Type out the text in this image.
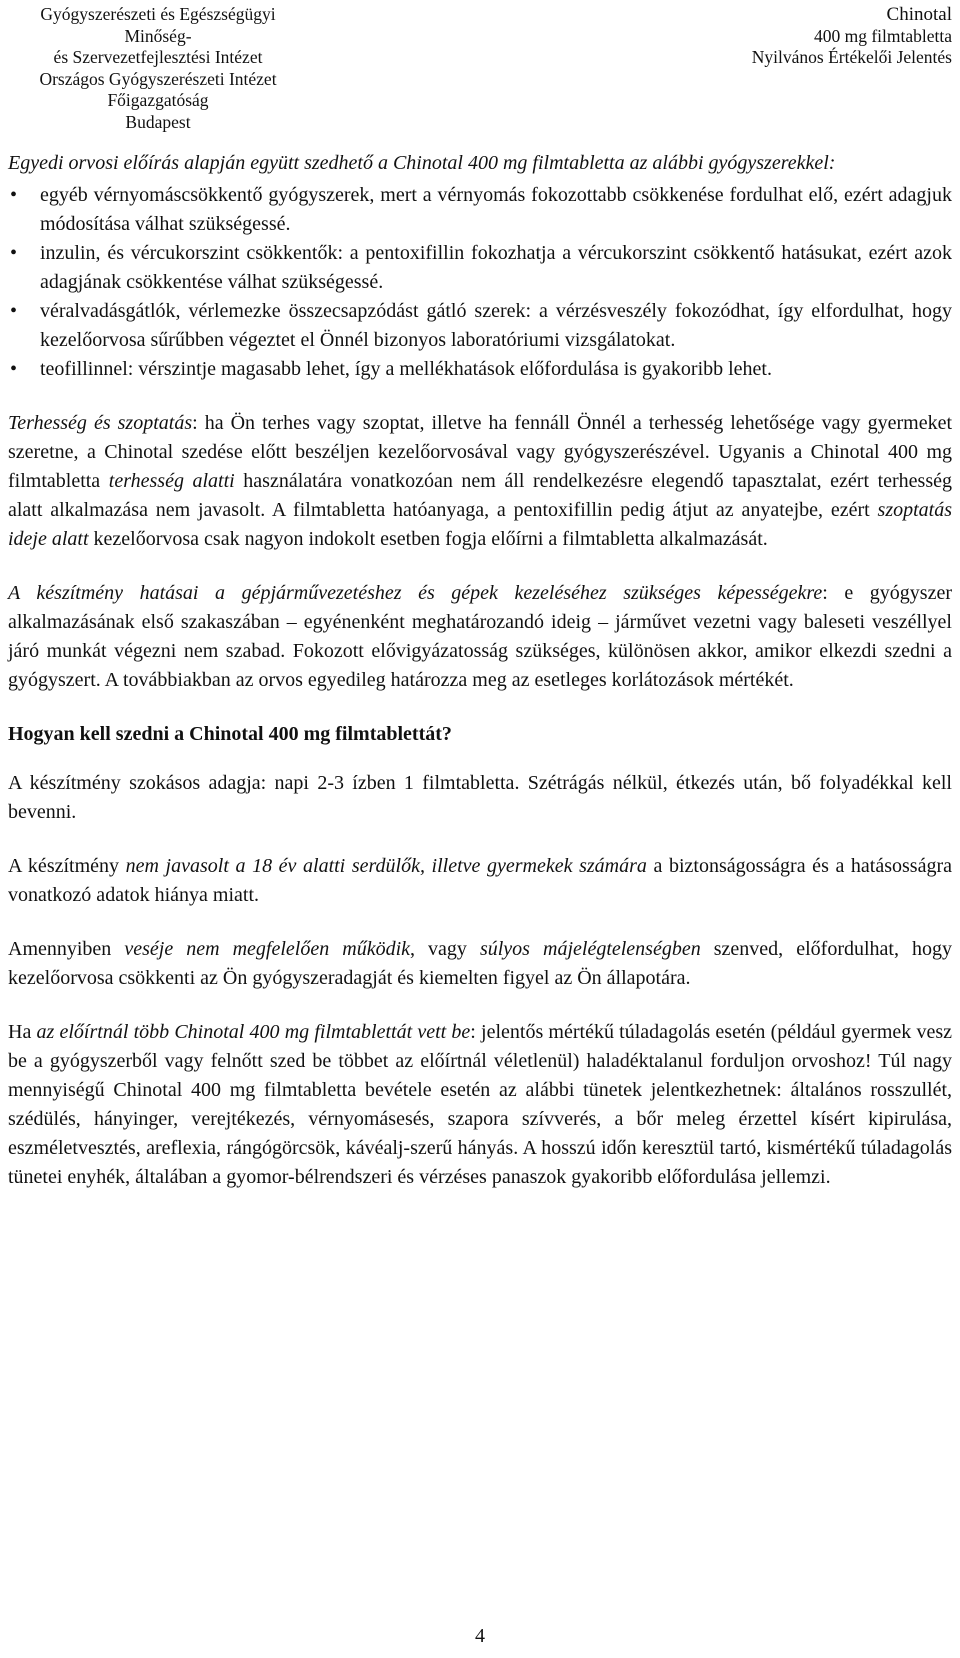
Gyógyszerészeti és Egészségügyi Minőség-
és Szervezetfejlesztési Intézet
Országos Gyógyszerészeti Intézet
Főigazgatóság
Budapest
Chinotal
400 mg filmtabletta
Nyilvános Értékelői Jelentés

Egyedi orvosi előírás alapján együtt szedhető a Chinotal 400 mg filmtabletta az alábbi gyógyszerekkel:

• egyéb vérnyomáscsökkentő gyógyszerek, mert a vérnyomás fokozottabb csökkenése fordulhat elő, ezért adagjuk módosítása válhat szükségessé.
• inzulin, és vércukorszint csökkentők: a pentoxifillin fokozhatja a vércukorszint csökkentő hatásukat, ezért azok adagjának csökkentése válhat szükségessé.
• véralvadásgátlók, vérlemezke összecsapzódást gátló szerek: a vérzésveszély fokozódhat, így elfordulhat, hogy kezelőorvosa sűrűbben végeztet el Önnél bizonyos laboratóriumi vizsgálatokat.
• teofillinnel: vérszintje magasabb lehet, így a mellékhatások előfordulása is gyakoribb lehet.

Terhesség és szoptatás: ha Ön terhes vagy szoptat, illetve ha fennáll Önnél a terhesség lehetősége vagy gyermeket szeretne, a Chinotal szedése előtt beszéljen kezelőorvosával vagy gyógyszerészével. Ugyanis a Chinotal 400 mg filmtabletta terhesség alatti használatára vonatkozóan nem áll rendelkezésre elegendő tapasztalat, ezért terhesség alatt alkalmazása nem javasolt. A filmtabletta hatóanyaga, a pentoxifillin pedig átjut az anyatejbe, ezért szoptatás ideje alatt kezelőorvosa csak nagyon indokolt esetben fogja előírni a filmtabletta alkalmazását.

A készítmény hatásai a gépjárművezetéshez és gépek kezeléséhez szükséges képességekre: e gyógyszer alkalmazásának első szakaszában – egyénenként meghatározandó ideig – járművet vezetni vagy baleseti veszéllyel járó munkát végezni nem szabad. Fokozott elővigyázatosság szükséges, különösen akkor, amikor elkezdi szedni a gyógyszert. A továbbiakban az orvos egyedileg határozza meg az esetleges korlátozások mértékét.

Hogyan kell szedni a Chinotal 400 mg filmtablettát?

A készítmény szokásos adagja: napi 2-3 ízben 1 filmtabletta. Szétrágás nélkül, étkezés után, bő folyadékkal kell bevenni.

A készítmény nem javasolt a 18 év alatti serdülők, illetve gyermekek számára a biztonságosságra és a hatásosságra vonatkozó adatok hiánya miatt.

Amennyiben veséje nem megfelelően működik, vagy súlyos májelégtelenségben szenved, előfordulhat, hogy kezelőorvosa csökkenti az Ön gyógyszeradagját és kiemelten figyel az Ön állapotára.

Ha az előírtnál több Chinotal 400 mg filmtablettát vett be: jelentős mértékű túladagolás esetén (például gyermek vesz be a gyógyszerből vagy felnőtt szed be többet az előírtnál véletlenül) haladéktalanul forduljon orvoshoz! Túl nagy mennyiségű Chinotal 400 mg filmtabletta bevétele esetén az alábbi tünetek jelentkezhetnek: általános rosszullét, szédülés, hányinger, verejtékezés, vérnyomásesés, szapora szívverés, a bőr meleg érzettel kísért kipirulása, eszméletvesztés, areflexia, rángógörcsök, kávéalj-szerű hányás. A hosszú időn keresztül tartó, kismértékű túladagolás tünetei enyhék, általában a gyomor-bélrendszeri és vérzéses panaszok gyakoribb előfordulása jellemzi.

4
